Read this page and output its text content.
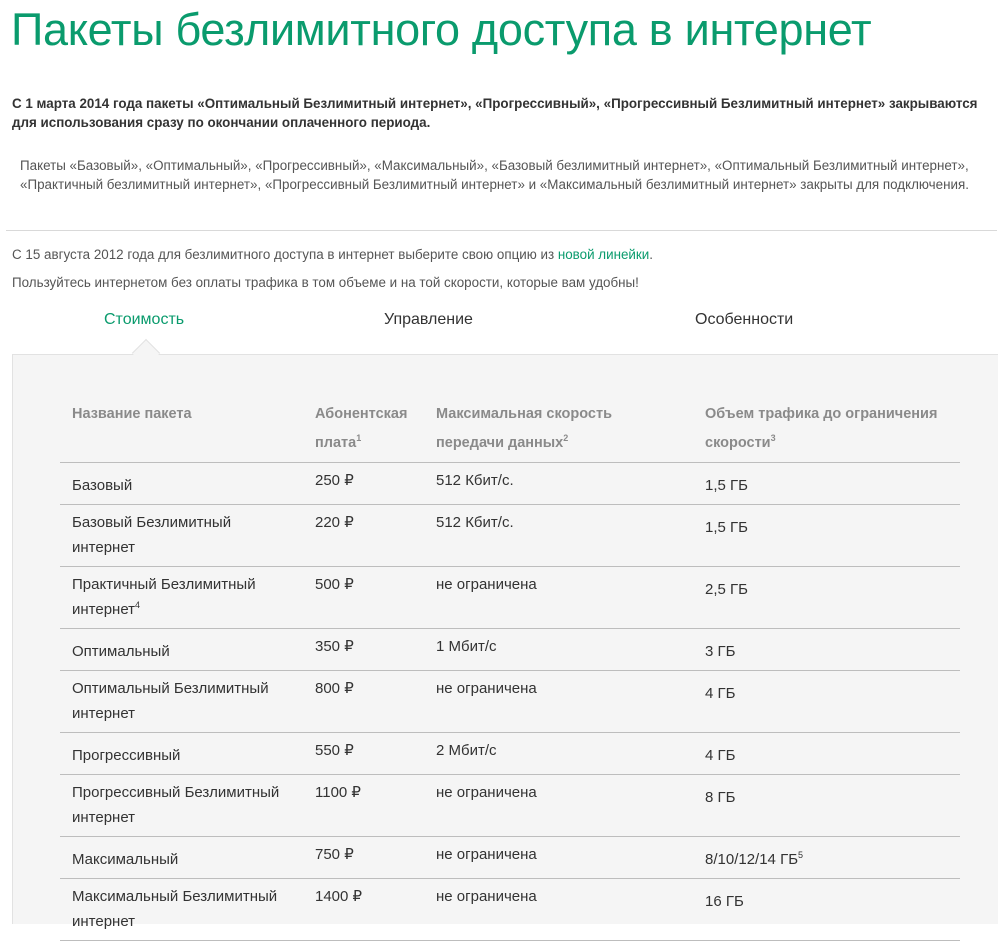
Пакеты безлимитного доступа в интернет
С 1 марта 2014 года пакеты «Оптимальный Безлимитный интернет», «Прогрессивный», «Прогрессивный Безлимитный интернет» закрываются для использования сразу по окончании оплаченного периода.
Пакеты «Базовый», «Оптимальный», «Прогрессивный», «Максимальный», «Базовый безлимитный интернет», «Оптимальный Безлимитный интернет», «Практичный безлимитный интернет», «Прогрессивный Безлимитный интернет» и «Максимальный безлимитный интернет» закрыты для подключения.
С 15 августа 2012 года для безлимитного доступа в интернет выберите свою опцию из новой линейки.
Пользуйтесь интернетом без оплаты трафика в том объеме и на той скорости, которые вам удобны!
Стоимость	Управление	Особенности
Название пакета	Абонентская плата$^1$	Максимальная скорость передачи данных$^2$	Объем трафика до ограничения скорости$^3$
Базовый	250 ₽	512 Кбит/с.	1,5 ГБ
Базовый Безлимитный интернет	220 ₽	512 Кбит/с.	1,5 ГБ
Практичный Безлимитный интернет$^4$	500 ₽	не ограничена	2,5 ГБ
Оптимальный	350 ₽	1 Мбит/с	3 ГБ
Оптимальный Безлимитный интернет	800 ₽	не ограничена	4 ГБ
Прогрессивный	550 ₽	2 Мбит/с	4 ГБ
Прогрессивный Безлимитный интернет	1100 ₽	не ограничена	8 ГБ
Максимальный	750 ₽	не ограничена	8/10/12/14 $ГБ^5$
Максимальный Безлимитный интернет	1400 ₽	не ограничена	16 ГБ
